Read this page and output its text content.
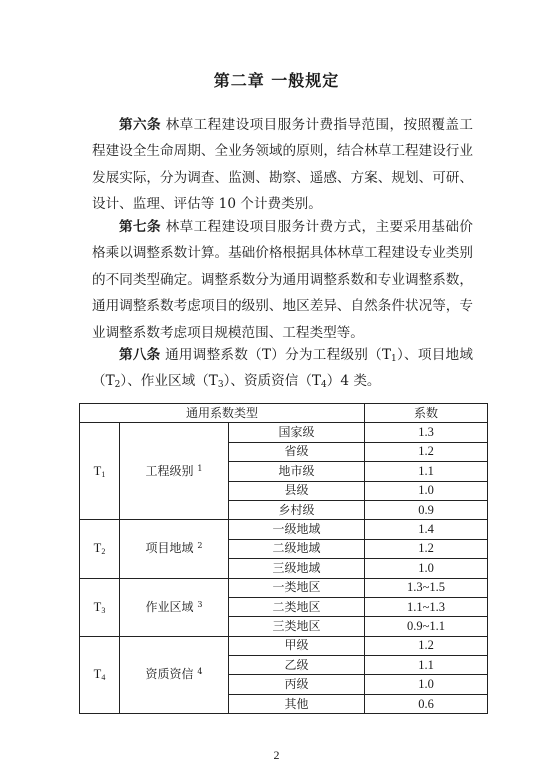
第二章 一般规定

第六条 林草工程建设项目服务计费指导范围，按照覆盖工程建设全生命周期、全业务领域的原则，结合林草工程建设行业发展实际，分为调查、监测、勘察、遥感、方案、规划、可研、设计、监理、评估等 10 个计费类别。

第七条 林草工程建设项目服务计费方式，主要采用基础价格乘以调整系数计算。基础价格根据具体林草工程建设专业类别的不同类型确定。调整系数分为通用调整系数和专业调整系数，通用调整系数考虑项目的级别、地区差异、自然条件状况等，专业调整系数考虑项目规模范围、工程类型等。

第八条 通用调整系数（T）分为工程级别$(T_1)$、项目地域$(T_2)$、作业区域$(T_3)$、资质资信$(T_4)4$ 类。

通用系数类型			系数
$T_1$	工程级别 $^1$	国家级	1.3
		省级	1.2
		地市级	1.1
		县级	1.0
		乡村级	0.9
$T_2$	项目地域 $^2$	一级地域	1.4
		二级地域	1.2
		三级地域	1.0
$T_3$	作业区域 $^3$	一类地区	1.3~1.5
		二类地区	1.1~1.3
		三类地区	0.9~1.1
$T_4$	资质资信 $^4$	甲级	1.2
		乙级	1.1
		丙级	1.0
		其他	0.6
2
